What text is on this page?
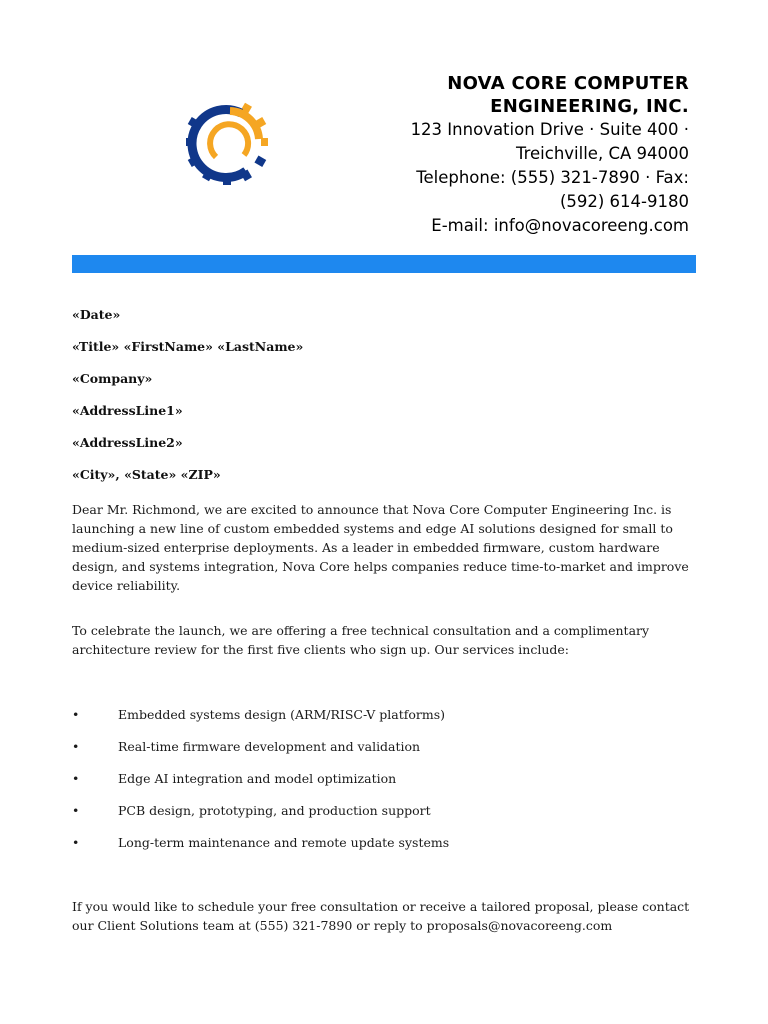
NOVA CORE COMPUTER
ENGINEERING, INC.
123 Innovation Drive · Suite 400 ·
Treichville, CA 94000
Telephone: (555) 321-7890 · Fax:
(592) 614-9180
E-mail: info@novacoreeng.com
«Date»
«Title» «FirstName» «LastName»
«Company»
«AddressLine1»
«AddressLine2»
«City», «State» «ZIP»
Dear Mr. Richmond, we are excited to announce that Nova Core Computer Engineering Inc. is launching a new line of custom embedded systems and edge AI solutions designed for small to medium-sized enterprise deployments. As a leader in embedded firmware, custom hardware design, and systems integration, Nova Core helps companies reduce time-to-market and improve device reliability.
To celebrate the launch, we are offering a free technical consultation and a complimentary architecture review for the first five clients who sign up. Our services include:
•	Embedded systems design (ARM/RISC-V platforms)
•	Real-time firmware development and validation
•	Edge AI integration and model optimization
•	PCB design, prototyping, and production support
•	Long-term maintenance and remote update systems
If you would like to schedule your free consultation or receive a tailored proposal, please contact our Client Solutions team at (555) 321-7890 or reply to proposals@novacoreeng.com
